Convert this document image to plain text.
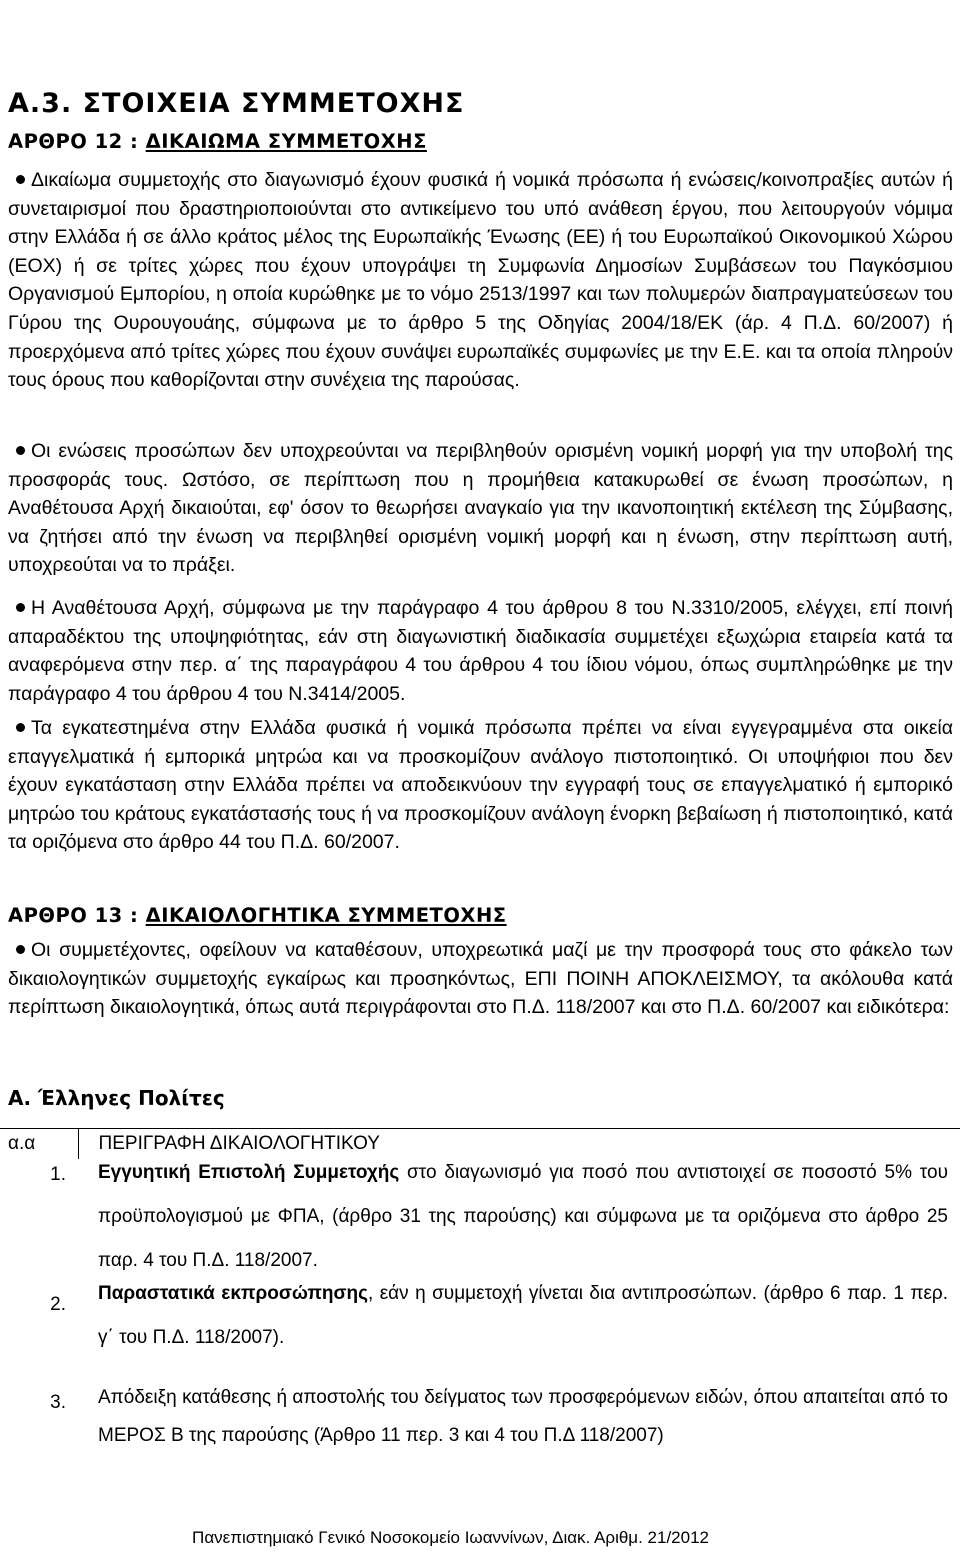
Α.3. ΣΤΟΙΧΕΙΑ ΣΥΜΜΕΤΟΧΗΣ
ΑΡΘΡΟ 12 : ΔΙΚΑΙΩΜΑ ΣΥΜΜΕΤΟΧΗΣ

Δικαίωμα συμμετοχής στο διαγωνισμό έχουν φυσικά ή νομικά πρόσωπα ή ενώσεις/κοινοπραξίες αυτών ή συνεταιρισμοί που δραστηριοποιούνται στο αντικείμενο του υπό ανάθεση έργου, που λειτουργούν νόμιμα στην Ελλάδα ή σε άλλο κράτος μέλος της Ευρωπαϊκής Ένωσης (ΕΕ) ή του Ευρωπαϊκού Οικονομικού Χώρου (ΕΟΧ) ή σε τρίτες χώρες που έχουν υπογράψει τη Συμφωνία Δημοσίων Συμβάσεων του Παγκόσμιου Οργανισμού Εμπορίου, η οποία κυρώθηκε με το νόμο 2513/1997 και των πολυμερών διαπραγματεύσεων του Γύρου της Ουρουγουάης, σύμφωνα με το άρθρο 5 της Οδηγίας 2004/18/ΕΚ (άρ. 4 Π.Δ. 60/2007) ή προερχόμενα από τρίτες χώρες που έχουν συνάψει ευρωπαϊκές συμφωνίες με την Ε.Ε. και τα οποία πληρούν τους όρους που καθορίζονται στην συνέχεια της παρούσας.

Οι ενώσεις προσώπων δεν υποχρεούνται να περιβληθούν ορισμένη νομική μορφή για την υποβολή της προσφοράς τους. Ωστόσο, σε περίπτωση που η προμήθεια κατακυρωθεί σε ένωση προσώπων, η Αναθέτουσα Αρχή δικαιούται, εφ' όσον το θεωρήσει αναγκαίο για την ικανοποιητική εκτέλεση της Σύμβασης, να ζητήσει από την ένωση να περιβληθεί ορισμένη νομική μορφή και η ένωση, στην περίπτωση αυτή, υποχρεούται να το πράξει.

Η Αναθέτουσα Αρχή, σύμφωνα με την παράγραφο 4 του άρθρου 8 του Ν.3310/2005, ελέγχει, επί ποινή απαραδέκτου της υποψηφιότητας, εάν στη διαγωνιστική διαδικασία συμμετέχει εξωχώρια εταιρεία κατά τα αναφερόμενα στην περ. α΄ της παραγράφου 4 του άρθρου 4 του ίδιου νόμου, όπως συμπληρώθηκε με την παράγραφο 4 του άρθρου 4 του Ν.3414/2005.

Τα εγκατεστημένα στην Ελλάδα φυσικά ή νομικά πρόσωπα πρέπει να είναι εγγεγραμμένα στα οικεία επαγγελματικά ή εμπορικά μητρώα και να προσκομίζουν ανάλογο πιστοποιητικό. Οι υποψήφιοι που δεν έχουν εγκατάσταση στην Ελλάδα πρέπει να αποδεικνύουν την εγγραφή τους σε επαγγελματικό ή εμπορικό μητρώο του κράτους εγκατάστασής τους ή να προσκομίζουν ανάλογη ένορκη βεβαίωση ή πιστοποιητικό, κατά τα οριζόμενα στο άρθρο 44 του Π.Δ. 60/2007.

ΑΡΘΡΟ 13 : ΔΙΚΑΙΟΛΟΓΗΤΙΚΑ ΣΥΜΜΕΤΟΧΗΣ

Οι συμμετέχοντες, οφείλουν να καταθέσουν, υποχρεωτικά μαζί με την προσφορά τους στο φάκελο των δικαιολογητικών συμμετοχής εγκαίρως και προσηκόντως, ΕΠΙ ΠΟΙΝΗ ΑΠΟΚΛΕΙΣΜΟΥ, τα ακόλουθα κατά περίπτωση δικαιολογητικά, όπως αυτά περιγράφονται στο Π.Δ. 118/2007 και στο Π.Δ. 60/2007 και ειδικότερα:

Α. Έλληνες Πολίτες
α.α	ΠΕΡΙΓΡΑΦΗ ΔΙΚΑΙΟΛΟΓΗΤΙΚΟΥ
1.	Εγγυητική Επιστολή Συμμετοχής στο διαγωνισμό για ποσό που αντιστοιχεί σε ποσοστό 5% του προϋπολογισμού με ΦΠΑ, (άρθρο 31 της παρούσης) και σύμφωνα με τα οριζόμενα στο άρθρο 25 παρ. 4 του Π.Δ. 118/2007.
2.	Παραστατικά εκπροσώπησης, εάν η συμμετοχή γίνεται δια αντιπροσώπων. (άρθρο 6 παρ. 1 περ. γ΄ του Π.Δ. 118/2007).
3.	Απόδειξη κατάθεσης ή αποστολής του δείγματος των προσφερόμενων ειδών, όπου απαιτείται από το ΜΕΡΟΣ Β της παρούσης (Άρθρο 11 περ. 3 και 4 του Π.Δ 118/2007)
Πανεπιστημιακό Γενικό Νοσοκομείο Ιωαννίνων, Διακ. Αριθμ. 21/2012
